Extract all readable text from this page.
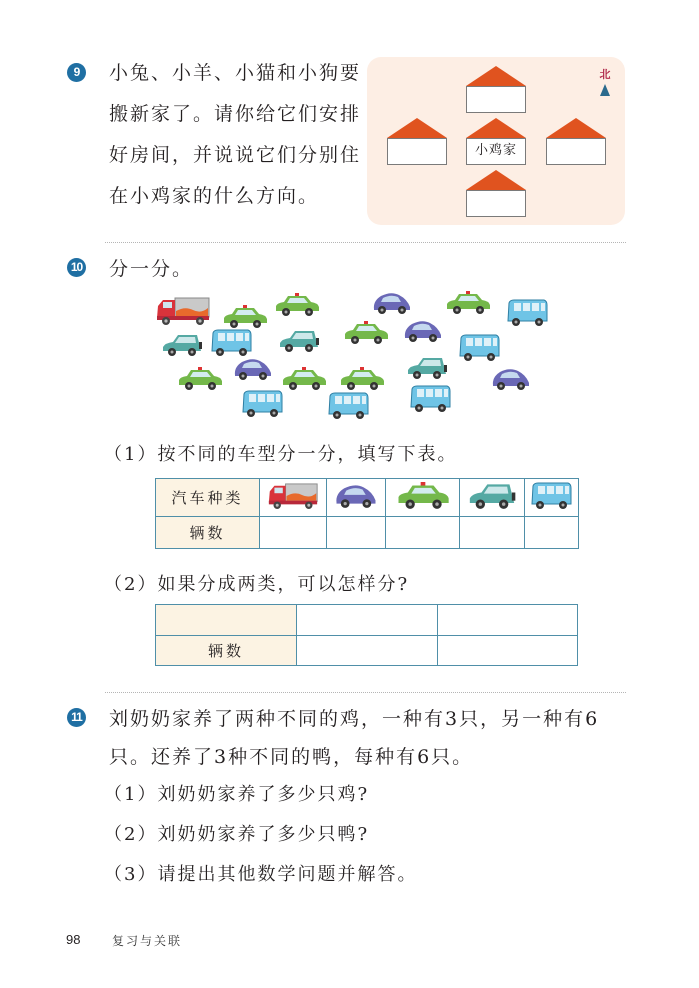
9	小兔、小羊、小猫和小狗要
搬新家了。请你给它们安排
好房间，并说说它们分别住
在小鸡家的什么方向。
小鸡家
北
10 分一分。
（1）按不同的车型分一分，填写下表。
汽车种类					
辆数					
（2）如果分成两类，可以怎样分?

辆数		
11 刘奶奶家养了两种不同的鸡，一种有3只，另一种有6
只。还养了3种不同的鸭，每种有6只。
（1）刘奶奶家养了多少只鸡?
（2）刘奶奶家养了多少只鸭?
（3）请提出其他数学问题并解答。
98	复习与关联
